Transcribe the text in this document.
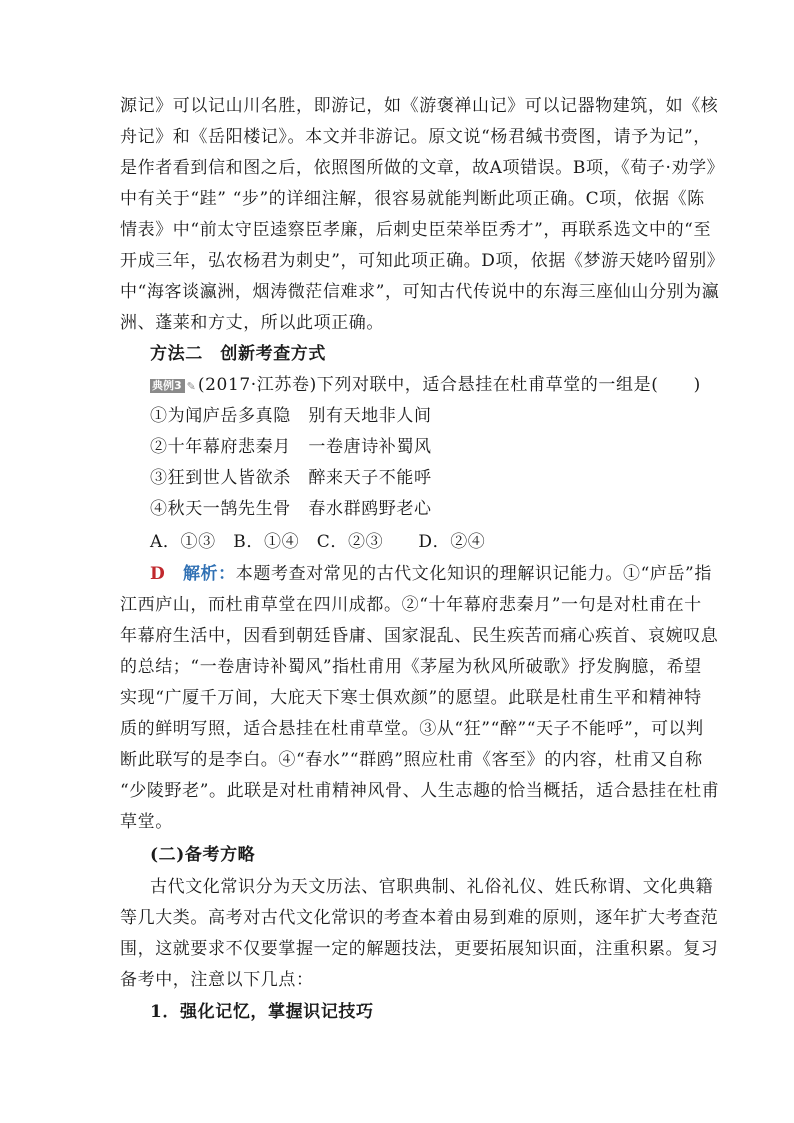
源记》可以记山川名胜，即游记，如《游褒禅山记》可以记器物建筑，如《核
舟记》和《岳阳楼记》。本文并非游记。原文说“杨君缄书赍图，请予为记”，
是作者看到信和图之后，依照图所做的文章，故A项错误。B项，《荀子·劝学》
中有关于“跬” “步”的详细注解，很容易就能判断此项正确。C项，依据《陈
情表》中“前太守臣逵察臣孝廉，后刺史臣荣举臣秀才”，再联系选文中的“至
开成三年，弘农杨君为刺史”，可知此项正确。D项，依据《梦游天姥吟留别》
中“海客谈瀛洲，烟涛微茫信难求”，可知古代传说中的东海三座仙山分别为瀛
洲、蓬莱和方丈，所以此项正确。
方法二　创新考查方式
典例3 ✎ (2017·江苏卷)下列对联中，适合悬挂在杜甫草堂的一组是(　　)
①为闻庐岳多真隐　别有天地非人间
②十年幕府悲秦月　一卷唐诗补蜀风
③狂到世人皆欲杀　醉来天子不能呼
④秋天一鹄先生骨　春水群鸥野老心
A．①③　B．①④　C．②③　　D．②④
D　 解析：本题考查对常见的古代文化知识的理解识记能力。①“庐岳”指
江西庐山，而杜甫草堂在四川成都。②“十年幕府悲秦月”一句是对杜甫在十
年幕府生活中，因看到朝廷昏庸、国家混乱、民生疾苦而痛心疾首、哀婉叹息
的总结；“一卷唐诗补蜀风”指杜甫用《茅屋为秋风所破歌》抒发胸臆，希望
实现“广厦千万间，大庇天下寒士俱欢颜”的愿望。此联是杜甫生平和精神特
质的鲜明写照，适合悬挂在杜甫草堂。③从“狂”“醉”“天子不能呼”，可以判
断此联写的是李白。④“春水”“群鸥”照应杜甫《客至》的内容，杜甫又自称
“少陵野老”。此联是对杜甫精神风骨、人生志趣的恰当概括，适合悬挂在杜甫
草堂。
(二)备考方略
古代文化常识分为天文历法、官职典制、礼俗礼仪、姓氏称谓、文化典籍
等几大类。高考对古代文化常识的考查本着由易到难的原则，逐年扩大考查范
围，这就要求不仅要掌握一定的解题技法，更要拓展知识面，注重积累。复习
备考中，注意以下几点：
1．强化记忆，掌握识记技巧
